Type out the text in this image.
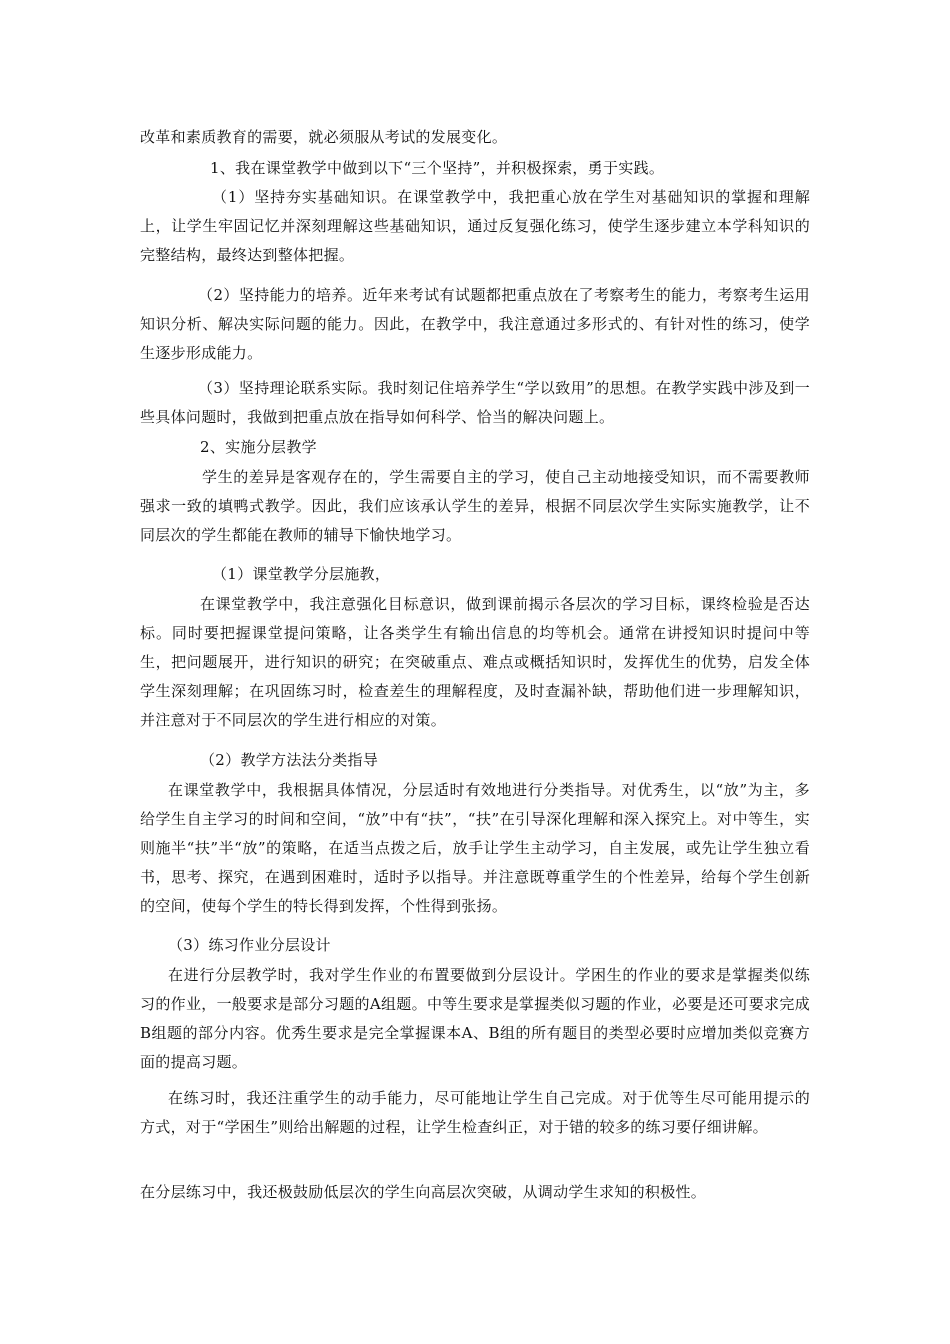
改革和素质教育的需要，就必须服从考试的发展变化。

1、我在课堂教学中做到以下“三个坚持”，并积极探索，勇于实践。

（1）坚持夯实基础知识。在课堂教学中，我把重心放在学生对基础知识的掌握和理解上，让学生牢固记忆并深刻理解这些基础知识，通过反复强化练习，使学生逐步建立本学科知识的完整结构，最终达到整体把握。

（2）坚持能力的培养。近年来考试有试题都把重点放在了考察考生的能力，考察考生运用知识分析、解决实际问题的能力。因此，在教学中，我注意通过多形式的、有针对性的练习，使学生逐步形成能力。

（3）坚持理论联系实际。我时刻记住培养学生“学以致用”的思想。在教学实践中涉及到一些具体问题时，我做到把重点放在指导如何科学、恰当的解决问题上。

2、实施分层教学

学生的差异是客观存在的，学生需要自主的学习，使自己主动地接受知识，而不需要教师强求一致的填鸭式教学。因此，我们应该承认学生的差异，根据不同层次学生实际实施教学，让不同层次的学生都能在教师的辅导下愉快地学习。

（1）课堂教学分层施教，

在课堂教学中，我注意强化目标意识，做到课前揭示各层次的学习目标，课终检验是否达标。同时要把握课堂提问策略，让各类学生有输出信息的均等机会。通常在讲授知识时提问中等生，把问题展开，进行知识的研究；在突破重点、难点或概括知识时，发挥优生的优势，启发全体学生深刻理解；在巩固练习时，检查差生的理解程度，及时查漏补缺，帮助他们进一步理解知识，并注意对于不同层次的学生进行相应的对策。

（2）教学方法法分类指导

在课堂教学中，我根据具体情况，分层适时有效地进行分类指导。对优秀生，以“放”为主，多给学生自主学习的时间和空间，“放”中有“扶”，“扶”在引导深化理解和深入探究上。对中等生，实则施半“扶”半“放”的策略，在适当点拨之后，放手让学生主动学习，自主发展，或先让学生独立看书，思考、探究，在遇到困难时，适时予以指导。并注意既尊重学生的个性差异，给每个学生创新的空间，使每个学生的特长得到发挥，个性得到张扬。

（3）练习作业分层设计

在进行分层教学时，我对学生作业的布置要做到分层设计。学困生的作业的要求是掌握类似练习的作业，一般要求是部分习题的A组题。中等生要求是掌握类似习题的作业，必要是还可要求完成B组题的部分内容。优秀生要求是完全掌握课本A、B组的所有题目的类型必要时应增加类似竞赛方面的提高习题。

在练习时，我还注重学生的动手能力，尽可能地让学生自己完成。对于优等生尽可能用提示的方式，对于“学困生”则给出解题的过程，让学生检查纠正，对于错的较多的练习要仔细讲解。

在分层练习中，我还极鼓励低层次的学生向高层次突破，从调动学生求知的积极性。
